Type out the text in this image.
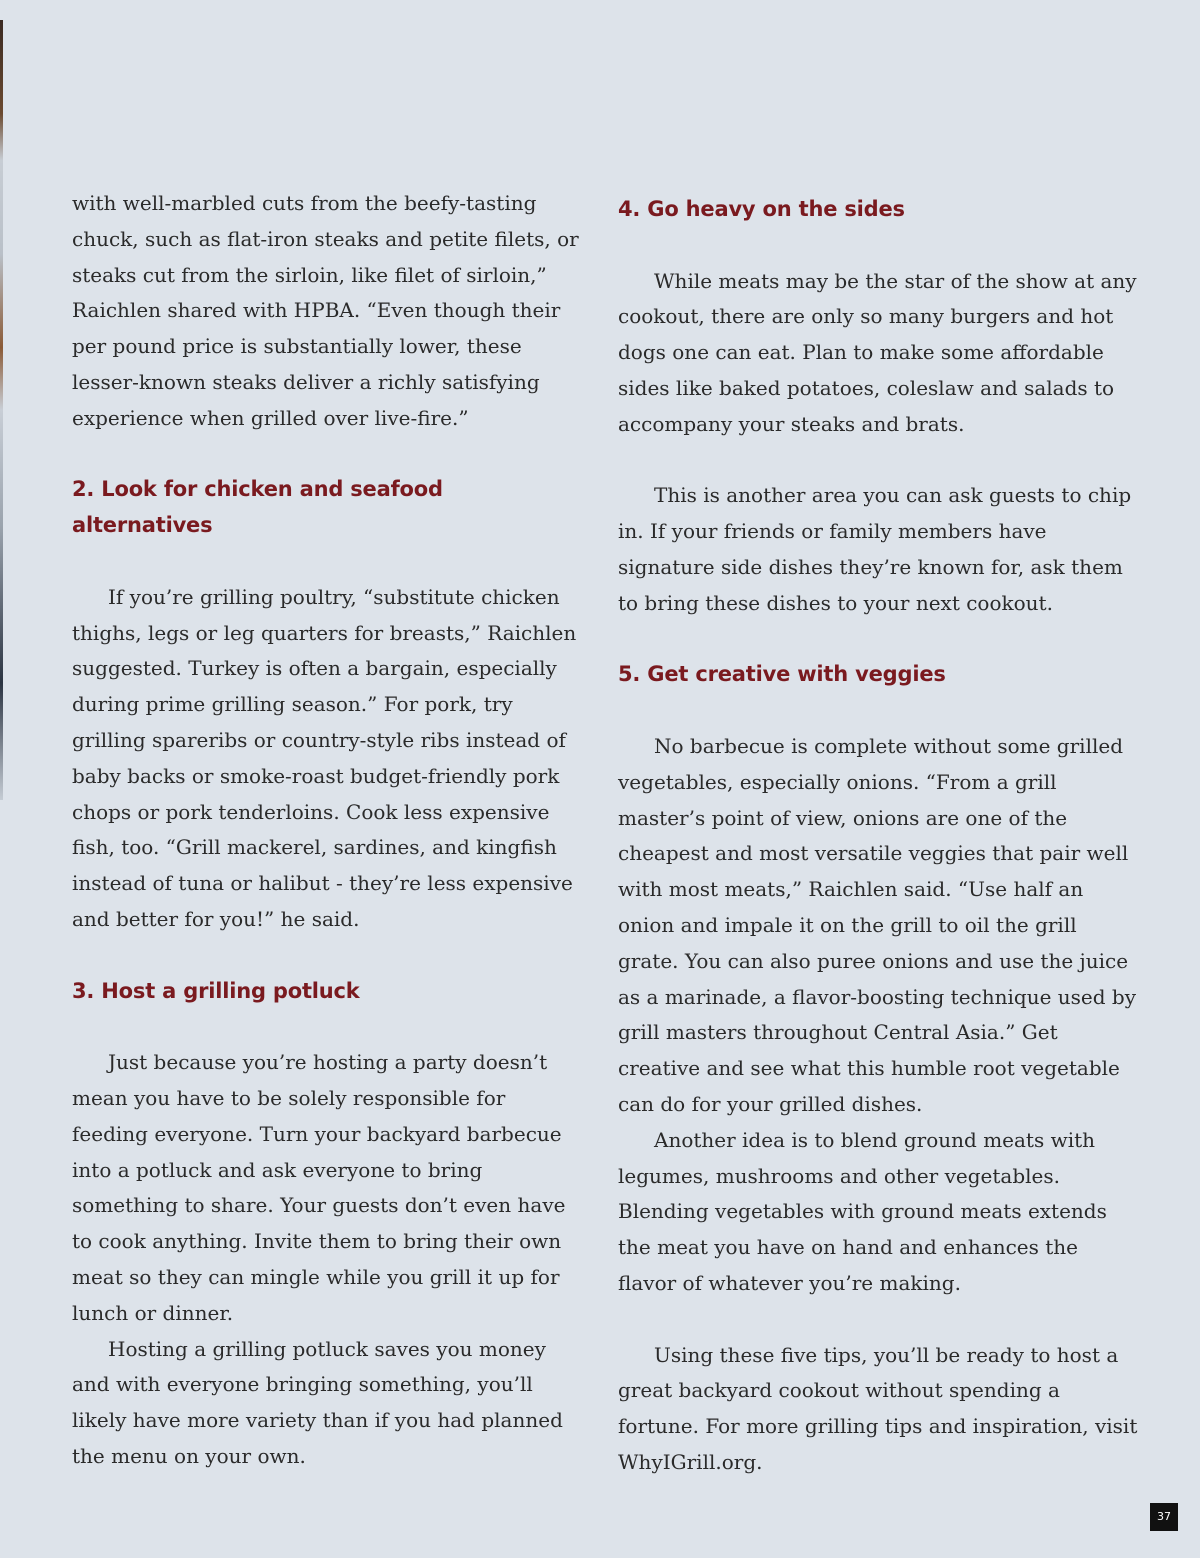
with well-marbled cuts from the beefy-tasting chuck, such as flat-iron steaks and petite filets, or steaks cut from the sirloin, like filet of sirloin,” Raichlen shared with HPBA. “Even though their per pound price is substantially lower, these lesser-known steaks deliver a richly satisfying experience when grilled over live-fire.”

2. Look for chicken and seafood alternatives

If you’re grilling poultry, “substitute chicken thighs, legs or leg quarters for breasts,” Raichlen suggested. Turkey is often a bargain, especially during prime grilling season.” For pork, try grilling spareribs or country-style ribs instead of baby backs or smoke-roast budget-friendly pork chops or pork tenderloins. Cook less expensive fish, too. “Grill mackerel, sardines, and kingfish instead of tuna or halibut - they’re less expensive and better for you!” he said.

3. Host a grilling potluck

Just because you’re hosting a party doesn’t mean you have to be solely responsible for feeding everyone. Turn your backyard barbecue into a potluck and ask everyone to bring something to share. Your guests don’t even have to cook anything. Invite them to bring their own meat so they can mingle while you grill it up for lunch or dinner.

Hosting a grilling potluck saves you money and with everyone bringing something, you’ll likely have more variety than if you had planned the menu on your own.

4. Go heavy on the sides

While meats may be the star of the show at any cookout, there are only so many burgers and hot dogs one can eat. Plan to make some affordable sides like baked potatoes, coleslaw and salads to accompany your steaks and brats.

This is another area you can ask guests to chip in. If your friends or family members have signature side dishes they’re known for, ask them to bring these dishes to your next cookout.

5. Get creative with veggies

No barbecue is complete without some grilled vegetables, especially onions. “From a grill master’s point of view, onions are one of the cheapest and most versatile veggies that pair well with most meats,” Raichlen said. “Use half an onion and impale it on the grill to oil the grill grate. You can also puree onions and use the juice as a marinade, a flavor-boosting technique used by grill masters throughout Central Asia.” Get creative and see what this humble root vegetable can do for your grilled dishes.

Another idea is to blend ground meats with legumes, mushrooms and other vegetables. Blending vegetables with ground meats extends the meat you have on hand and enhances the flavor of whatever you’re making.

Using these five tips, you’ll be ready to host a great backyard cookout without spending a fortune. For more grilling tips and inspiration, visit WhyIGrill.org.

37
